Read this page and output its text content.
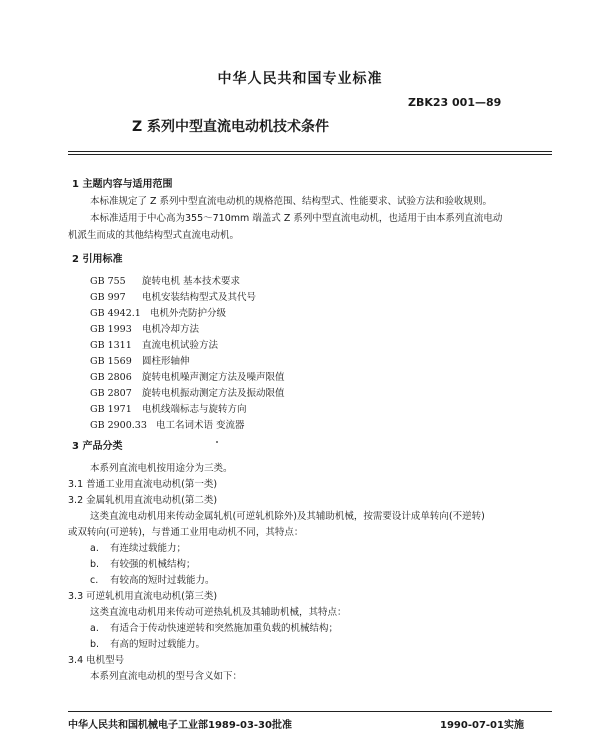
中华人民共和国专业标准
ZBK23 001—89
Z 系列中型直流电动机技术条件
1 主题内容与适用范围
本标准规定了 Z 系列中型直流电动机的规格范围、结构型式、性能要求、试验方法和验收规则。
本标准适用于中心高为355～710mm 端盖式 Z 系列中型直流电动机，也适用于由本系列直流电动
机派生而成的其他结构型式直流电动机。
2 引用标准
GB 755 旋转电机 基本技术要求
GB 997 电机安装结构型式及其代号
GB 4942.1 电机外壳防护分级
GB 1993 电机冷却方法
GB 1311 直流电机试验方法
GB 1569 圆柱形轴伸
GB 2806 旋转电机噪声测定方法及噪声限值
GB 2807 旋转电机振动测定方法及振动限值
GB 1971 电机线端标志与旋转方向
GB 2900.33 电工名词术语 变流器
3 产品分类
本系列直流电机按用途分为三类。
3.1 普通工业用直流电动机(第一类)
3.2 金属轧机用直流电动机(第二类)
这类直流电动机用来传动金属轧机(可逆轧机除外)及其辅助机械，按需要设计成单转向(不逆转)
或双转向(可逆转)，与普通工业用电动机不同，其特点：
a. 有连续过载能力；
b. 有较强的机械结构；
c. 有较高的短时过载能力。
3.3 可逆轧机用直流电动机(第三类)
这类直流电动机用来传动可逆热轧机及其辅助机械，其特点：
a. 有适合于传动快速逆转和突然施加重负载的机械结构；
b. 有高的短时过载能力。
3.4 电机型号
本系列直流电动机的型号含义如下：
中华人民共和国机械电子工业部1989-03-30批准	1990-07-01实施
